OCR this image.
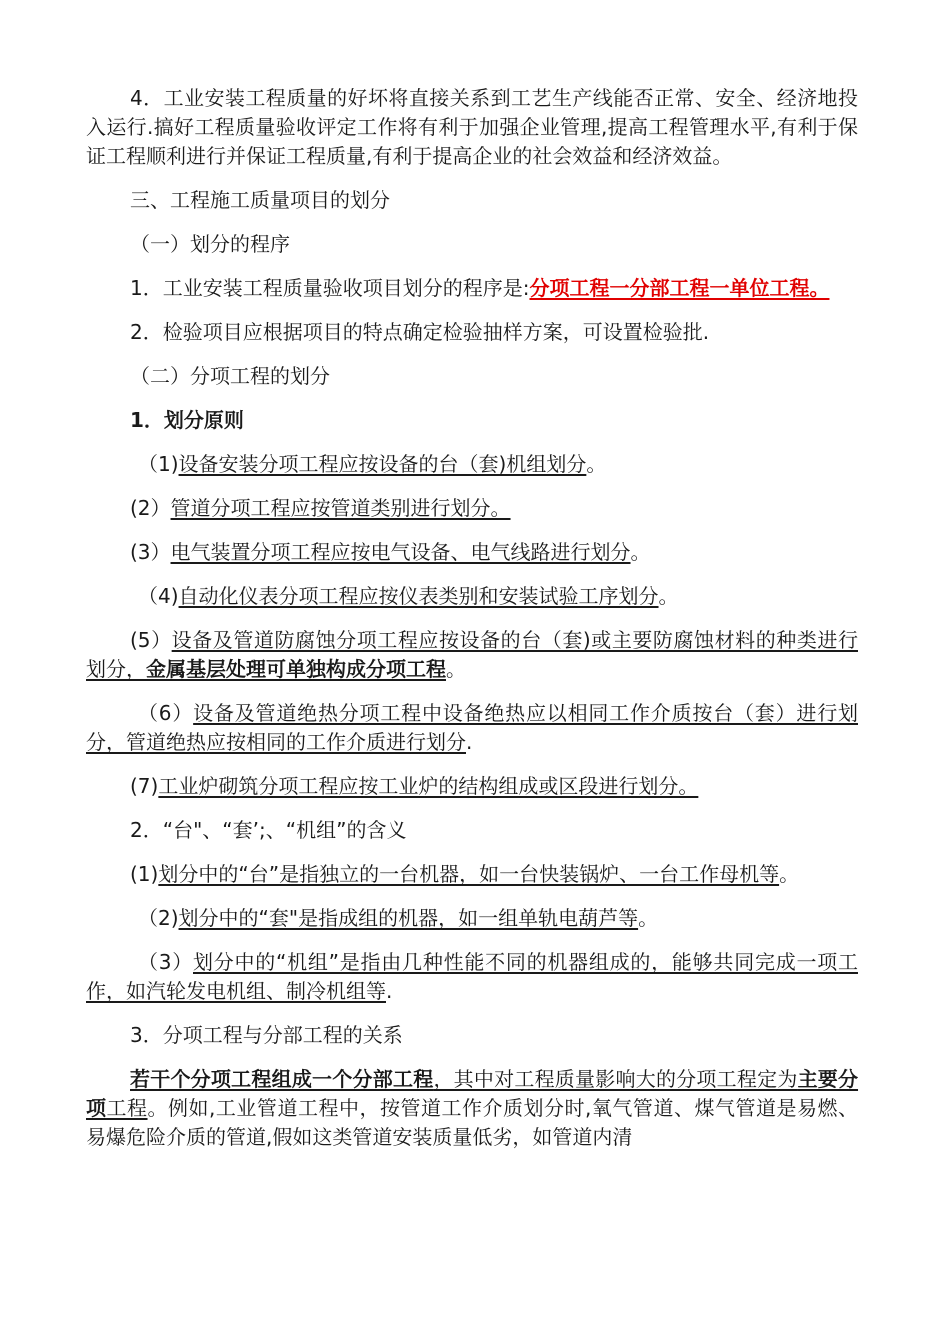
4．工业安装工程质量的好坏将直接关系到工艺生产线能否正常、安全、经济地投入运行.搞好工程质量验收评定工作将有利于加强企业管理,提高工程管理水平,有利于保证工程顺利进行并保证工程质量,有利于提高企业的社会效益和经济效益。

三、工程施工质量项目的划分

（一）划分的程序

1．工业安装工程质量验收项目划分的程序是:分项工程一分部工程一单位工程。

2．检验项目应根据项目的特点确定检验抽样方案，可设置检验批.

（二）分项工程的划分

1．划分原则

（1)设备安装分项工程应按设备的台（套)机组划分。

(2）管道分项工程应按管道类别进行划分。

(3）电气装置分项工程应按电气设备、电气线路进行划分。

（4)自动化仪表分项工程应按仪表类别和安装试验工序划分。

(5）设备及管道防腐蚀分项工程应按设备的台（套)或主要防腐蚀材料的种类进行划分，金属基层处理可单独构成分项工程。

（6）设备及管道绝热分项工程中设备绝热应以相同工作介质按台（套）进行划分，管道绝热应按相同的工作介质进行划分.

(7)工业炉砌筑分项工程应按工业炉的结构组成或区段进行划分。

2．“台"、“套’;、“机组”的含义

(1)划分中的“台”是指独立的一台机器，如一台快装锅炉、一台工作母机等。

（2)划分中的“套"是指成组的机器，如一组单轨电葫芦等。

（3）划分中的“机组”是指由几种性能不同的机器组成的，能够共同完成一项工作，如汽轮发电机组、制冷机组等.

3．分项工程与分部工程的关系

若干个分项工程组成一个分部工程，其中对工程质量影响大的分项工程定为主要分项工程。例如,工业管道工程中，按管道工作介质划分时,氧气管道、煤气管道是易燃、易爆危险介质的管道,假如这类管道安装质量低劣，如管道内清
